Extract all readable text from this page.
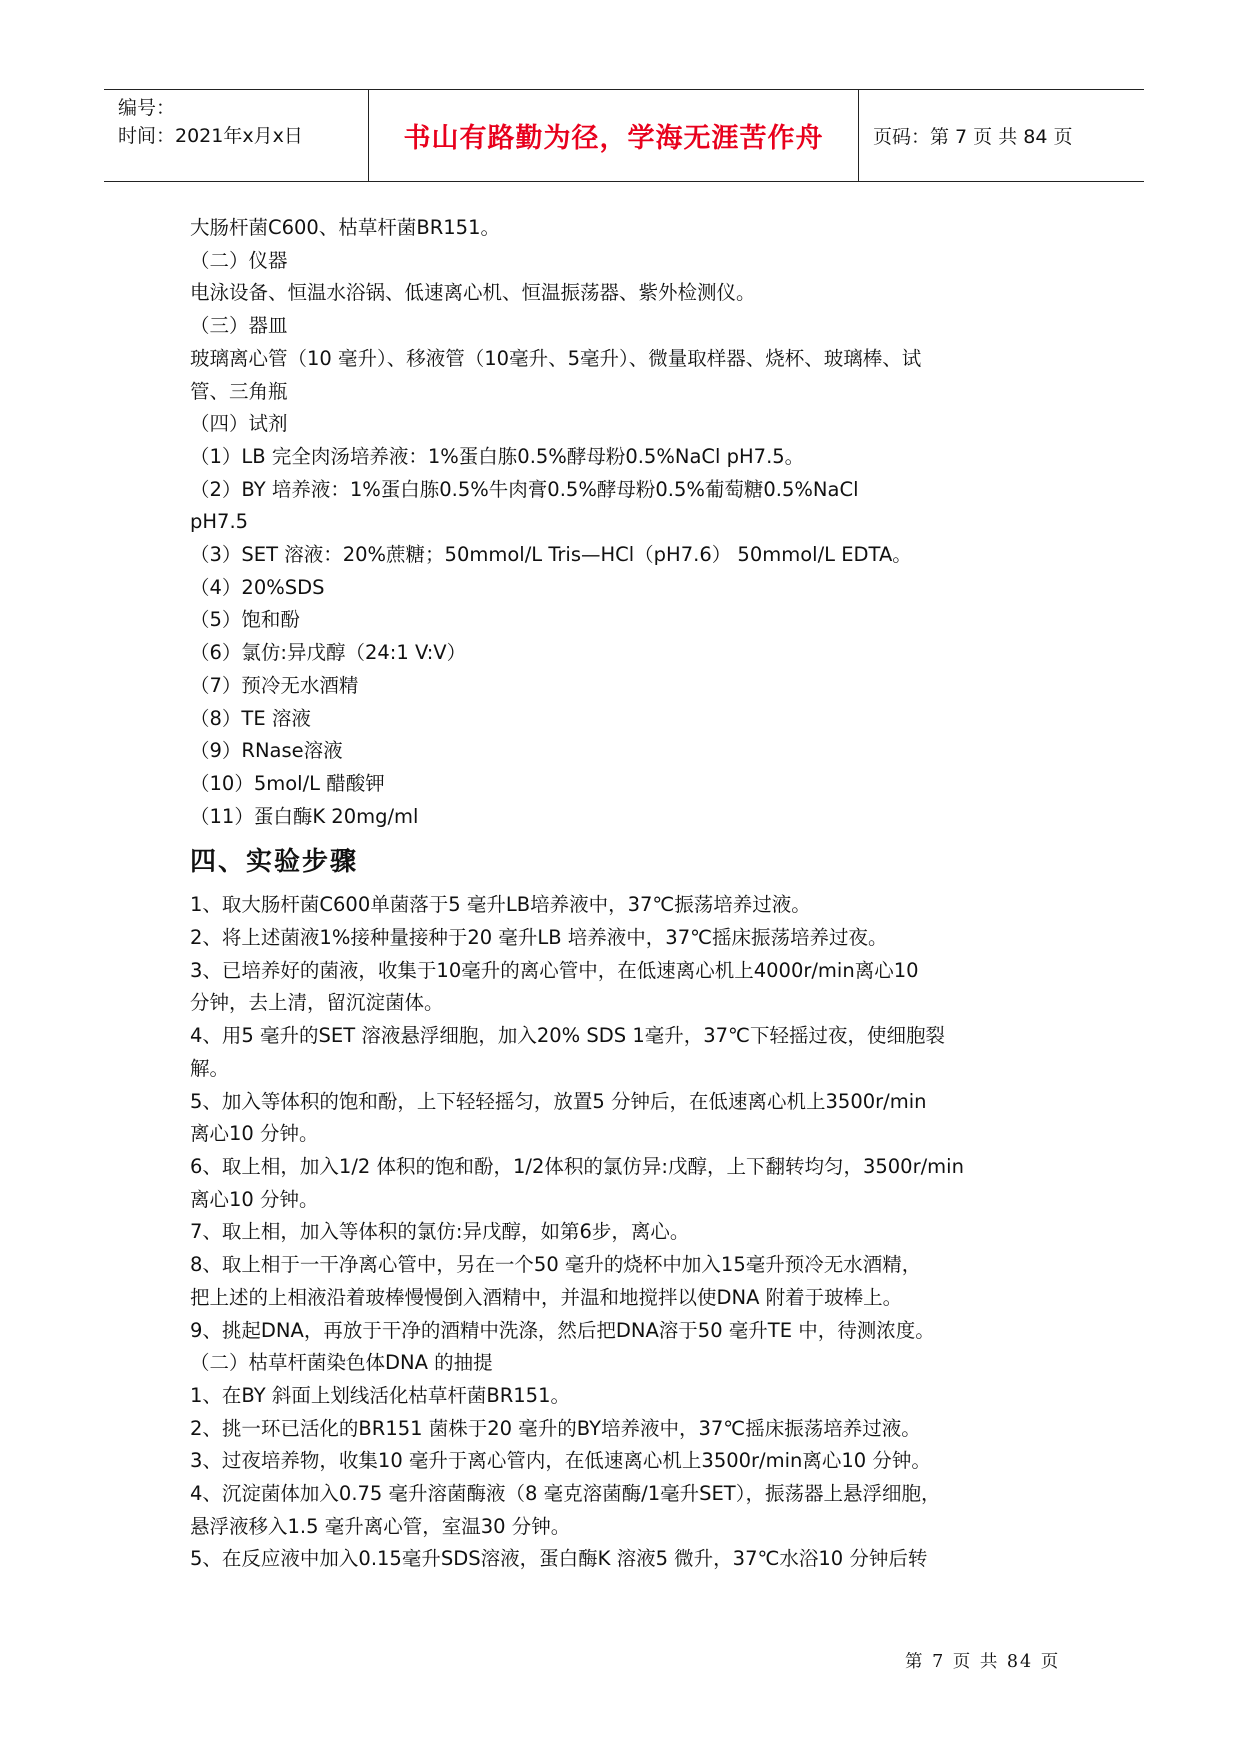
编号：
时间：2021年x月x日	书山有路勤为径，学海无涯苦作舟	页码：第 7 页 共 84 页
大肠杆菌C600、枯草杆菌BR151。
（二）仪器
电泳设备、恒温水浴锅、低速离心机、恒温振荡器、紫外检测仪。
（三）器皿
玻璃离心管（10 毫升）、移液管（10毫升、5毫升）、微量取样器、烧杯、玻璃棒、试
管、三角瓶
（四）试剂
（1）LB 完全肉汤培养液：1%蛋白胨0.5%酵母粉0.5%NaCl pH7.5。
（2）BY 培养液：1%蛋白胨0.5%牛肉膏0.5%酵母粉0.5%葡萄糖0.5%NaCl
pH7.5
（3）SET 溶液：20%蔗糖；50mmol/L Tris—HCl（pH7.6） 50mmol/L EDTA。
（4）20%SDS
（5）饱和酚
（6）氯仿:异戊醇（24:1 V:V）
（7）预冷无水酒精
（8）TE 溶液
（9）RNase溶液
（10）5mol/L 醋酸钾
（11）蛋白酶K 20mg/ml
四、实验步骤
1、取大肠杆菌C600单菌落于5 毫升LB培养液中，37℃振荡培养过液。
2、将上述菌液1%接种量接种于20 毫升LB 培养液中，37℃摇床振荡培养过夜。
3、已培养好的菌液，收集于10毫升的离心管中，在低速离心机上4000r/min离心10
分钟，去上清，留沉淀菌体。
4、用5 毫升的SET 溶液悬浮细胞，加入20% SDS 1毫升，37℃下轻摇过夜，使细胞裂
解。
5、加入等体积的饱和酚，上下轻轻摇匀，放置5 分钟后，在低速离心机上3500r/min
离心10 分钟。
6、取上相，加入1/2 体积的饱和酚，1/2体积的氯仿异:戊醇，上下翻转均匀，3500r/min
离心10 分钟。
7、取上相，加入等体积的氯仿:异戊醇，如第6步，离心。
8、取上相于一干净离心管中，另在一个50 毫升的烧杯中加入15毫升预冷无水酒精，
把上述的上相液沿着玻棒慢慢倒入酒精中，并温和地搅拌以使DNA 附着于玻棒上。
9、挑起DNA，再放于干净的酒精中洗涤，然后把DNA溶于50 毫升TE 中，待测浓度。
（二）枯草杆菌染色体DNA 的抽提
1、在BY 斜面上划线活化枯草杆菌BR151。
2、挑一环已活化的BR151 菌株于20 毫升的BY培养液中，37℃摇床振荡培养过液。
3、过夜培养物，收集10 毫升于离心管内，在低速离心机上3500r/min离心10 分钟。
4、沉淀菌体加入0.75 毫升溶菌酶液（8 毫克溶菌酶/1毫升SET），振荡器上悬浮细胞，
悬浮液移入1.5 毫升离心管，室温30 分钟。
5、在反应液中加入0.15毫升SDS溶液，蛋白酶K 溶液5 微升，37℃水浴10 分钟后转
第 7 页 共 84 页
